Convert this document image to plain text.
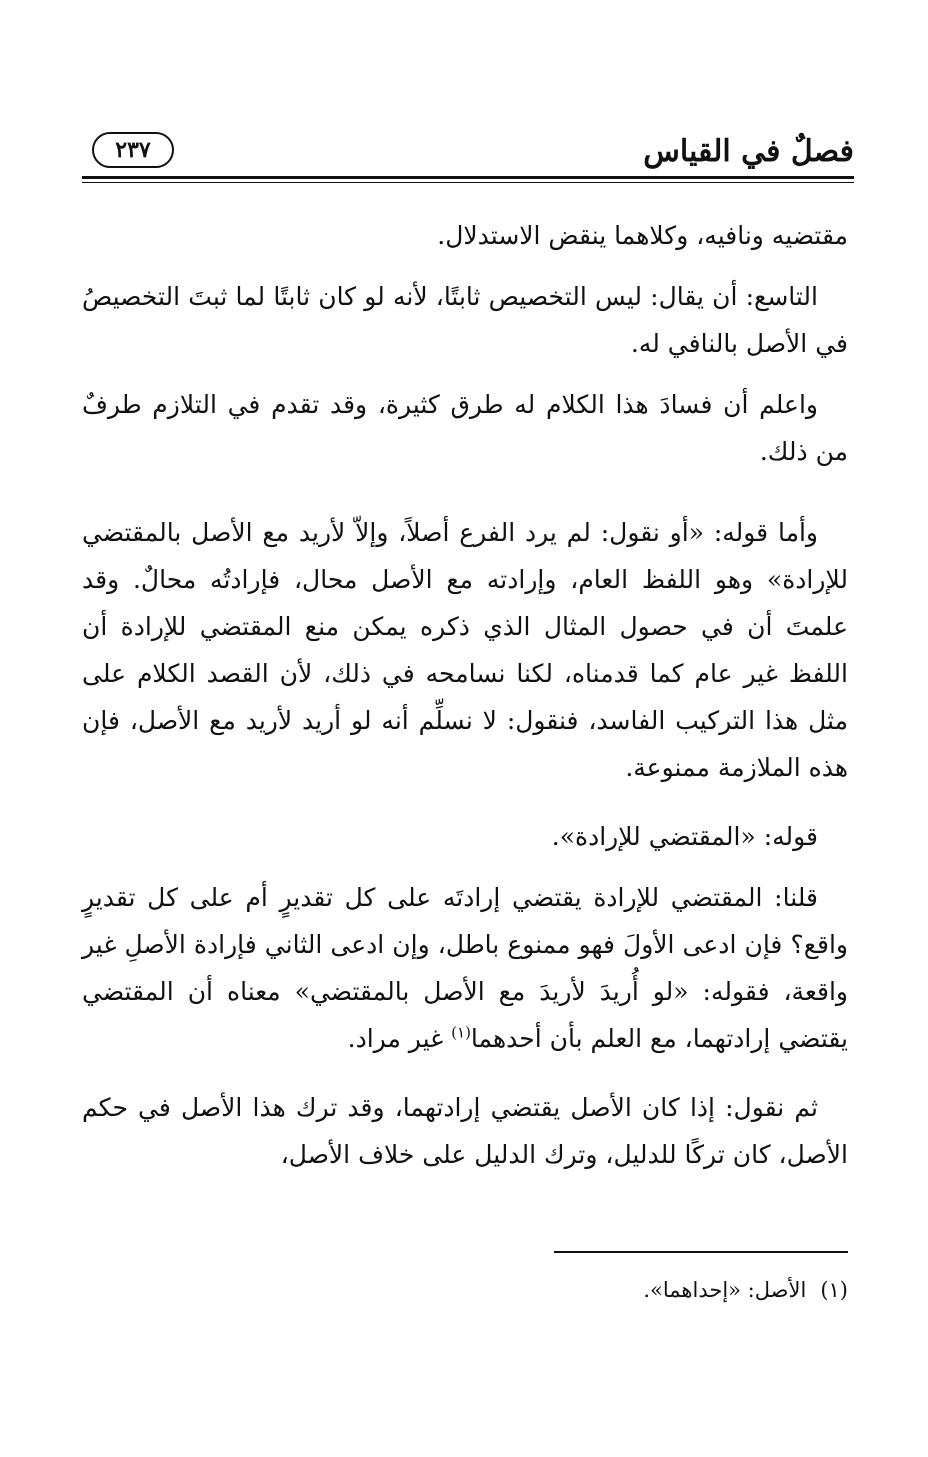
فصلٌ في القياس
٢٣٧

مقتضيه ونافيه، وكلاهما ينقض الاستدلال.

التاسع: أن يقال: ليس التخصيص ثابتًا، لأنه لو كان ثابتًا لما ثبتَ التخصيصُ في الأصل بالنافي له.

واعلم أن فسادَ هذا الكلام له طرق كثيرة، وقد تقدم في التلازم طرفٌ من ذلك.

وأما قوله: «أو نقول: لم يرد الفرع أصلاً، وإلاّ لأريد مع الأصل بالمقتضي للإرادة» وهو اللفظ العام، وإرادته مع الأصل محال، فإرادتُه محالٌ. وقد علمتَ أن في حصول المثال الذي ذكره يمكن منع المقتضي للإرادة أن اللفظ غير عام كما قدمناه، لكنا نسامحه في ذلك، لأن القصد الكلام على مثل هذا التركيب الفاسد، فنقول: لا نسلِّم أنه لو أريد لأريد مع الأصل، فإن هذه الملازمة ممنوعة.

قوله: «المقتضي للإرادة».

قلنا: المقتضي للإرادة يقتضي إرادتَه على كل تقديرٍ أم على كل تقديرٍ واقع؟ فإن ادعى الأولَ فهو ممنوع باطل، وإن ادعى الثاني فإرادة الأصلِ غير واقعة، فقوله: «لو أُريدَ لأريدَ مع الأصل بالمقتضي» معناه أن المقتضي يقتضي إرادتهما، مع العلم بأن أحدهما$^{(١)}$ غير مراد.

ثم نقول: إذا كان الأصل يقتضي إرادتهما، وقد ترك هذا الأصل في حكم الأصل، كان تركًا للدليل، وترك الدليل على خلاف الأصل،

(١)الأصل: «إحداهما».
